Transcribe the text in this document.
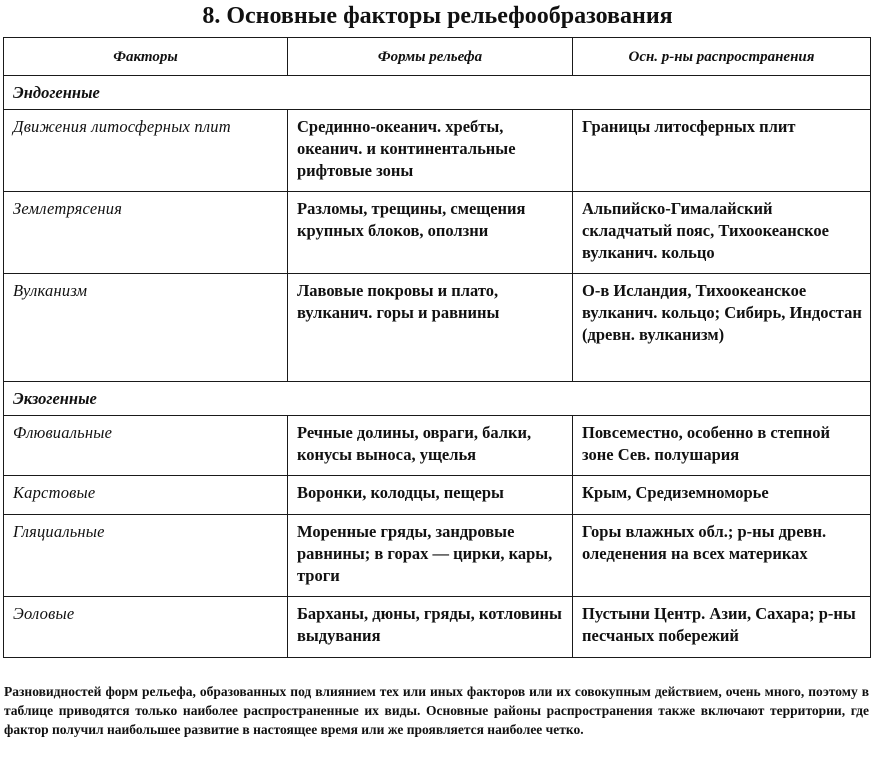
8. Основные факторы рельефообразования
Факторы	Формы рельефа	Осн. р-ны распространения
Эндогенные		
Движения литосферных плит	Срединно-океанич. хребты, океанич. и континентальные рифтовые зоны	Границы литосферных плит
Землетрясения	Разломы, трещины, смещения крупных блоков, оползни	Альпийско-Гималайский складчатый пояс, Тихоокеанское вулканич. кольцо
Вулканизм	Лавовые покровы и плато, вулканич. горы и равнины	О-в Исландия, Тихоокеанское вулканич. кольцо; Сибирь, Индостан (древн. вулканизм)
Экзогенные		
Флювиальные	Речные долины, овраги, балки, конусы выноса, ущелья	Повсеместно, особенно в степной зоне Сев. полушария
Карстовые	Воронки, колодцы, пещеры	Крым, Средиземноморье
Гляциальные	Моренные гряды, зандровые равнины; в горах — цирки, кары, троги	Горы влажных обл.; р-ны древн. оледенения на всех материках
Эоловые	Барханы, дюны, гряды, котловины выдувания	Пустыни Центр. Азии, Сахара; р-ны песчаных побережий
Разновидностей форм рельефа, образованных под влиянием тех или иных факторов или их совокупным действием, очень много, поэтому в таблице приводятся только наиболее распространенные их виды. Основные районы распространения также включают территории, где фактор получил наибольшее развитие в настоящее время или же проявляется наиболее четко.
